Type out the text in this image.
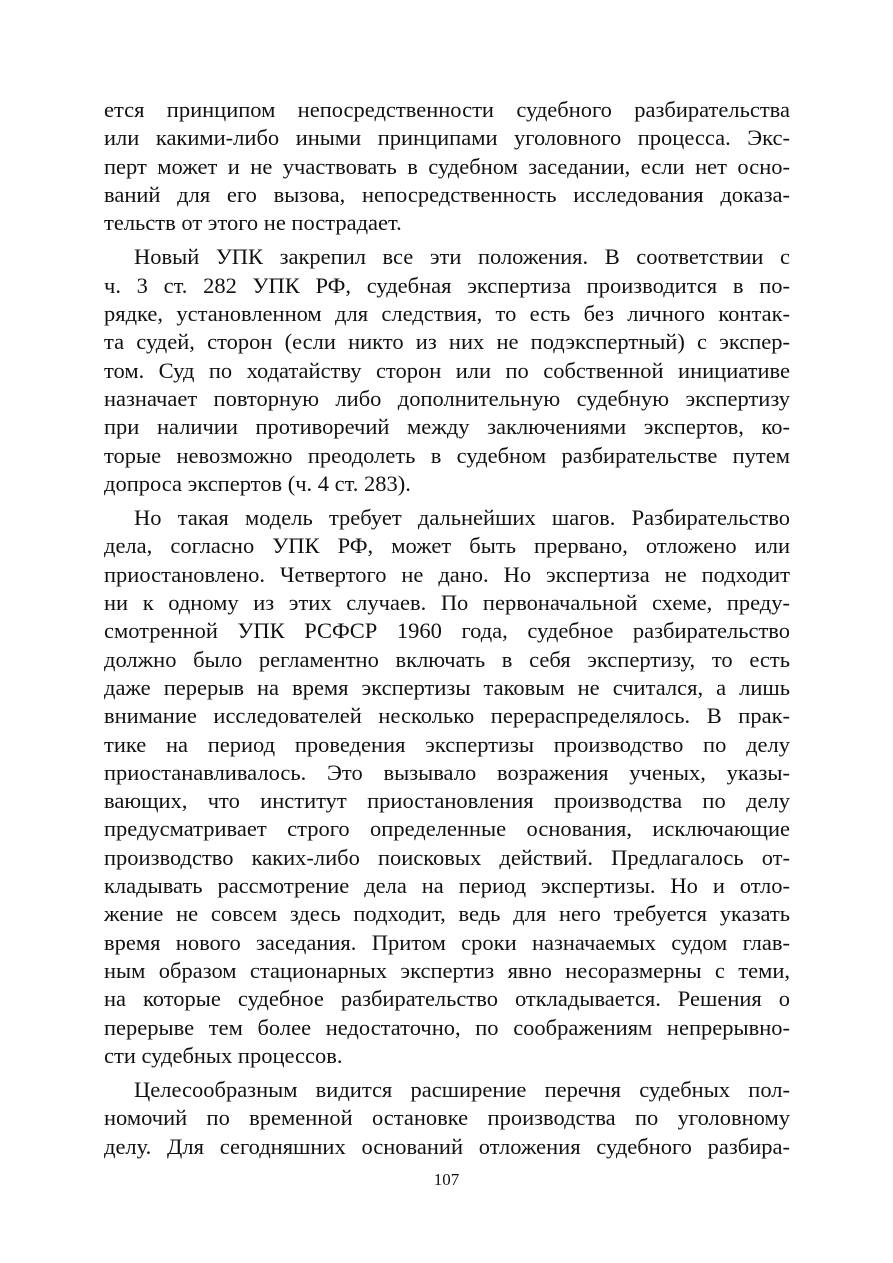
ется принципом непосредственности судебного разбирательства
или какими-либо иными принципами уголовного процесса. Экс-
перт может и не участвовать в судебном заседании, если нет осно-
ваний для его вызова, непосредственность исследования доказа-
тельств от этого не пострадает.
Новый УПК закрепил все эти положения. В соответствии с
ч. 3 ст. 282 УПК РФ, судебная экспертиза производится в по-
рядке, установленном для следствия, то есть без личного контак-
та судей, сторон (если никто из них не подэкспертный) с экспер-
том. Суд по ходатайству сторон или по собственной инициативе
назначает повторную либо дополнительную судебную экспертизу
при наличии противоречий между заключениями экспертов, ко-
торые невозможно преодолеть в судебном разбирательстве путем
допроса экспертов (ч. 4 ст. 283).
Но такая модель требует дальнейших шагов. Разбирательство
дела, согласно УПК РФ, может быть прервано, отложено или
приостановлено. Четвертого не дано. Но экспертиза не подходит
ни к одному из этих случаев. По первоначальной схеме, преду-
смотренной УПК РСФСР 1960 года, судебное разбирательство
должно было регламентно включать в себя экспертизу, то есть
даже перерыв на время экспертизы таковым не считался, а лишь
внимание исследователей несколько перераспределялось. В прак-
тике на период проведения экспертизы производство по делу
приостанавливалось. Это вызывало возражения ученых, указы-
вающих, что институт приостановления производства по делу
предусматривает строго определенные основания, исключающие
производство каких-либо поисковых действий. Предлагалось от-
кладывать рассмотрение дела на период экспертизы. Но и отло-
жение не совсем здесь подходит, ведь для него требуется указать
время нового заседания. Притом сроки назначаемых судом глав-
ным образом стационарных экспертиз явно несоразмерны с теми,
на которые судебное разбирательство откладывается. Решения о
перерыве тем более недостаточно, по соображениям непрерывно-
сти судебных процессов.
Целесообразным видится расширение перечня судебных пол-
номочий по временной остановке производства по уголовному
делу. Для сегодняшних оснований отложения судебного разбира-
107
